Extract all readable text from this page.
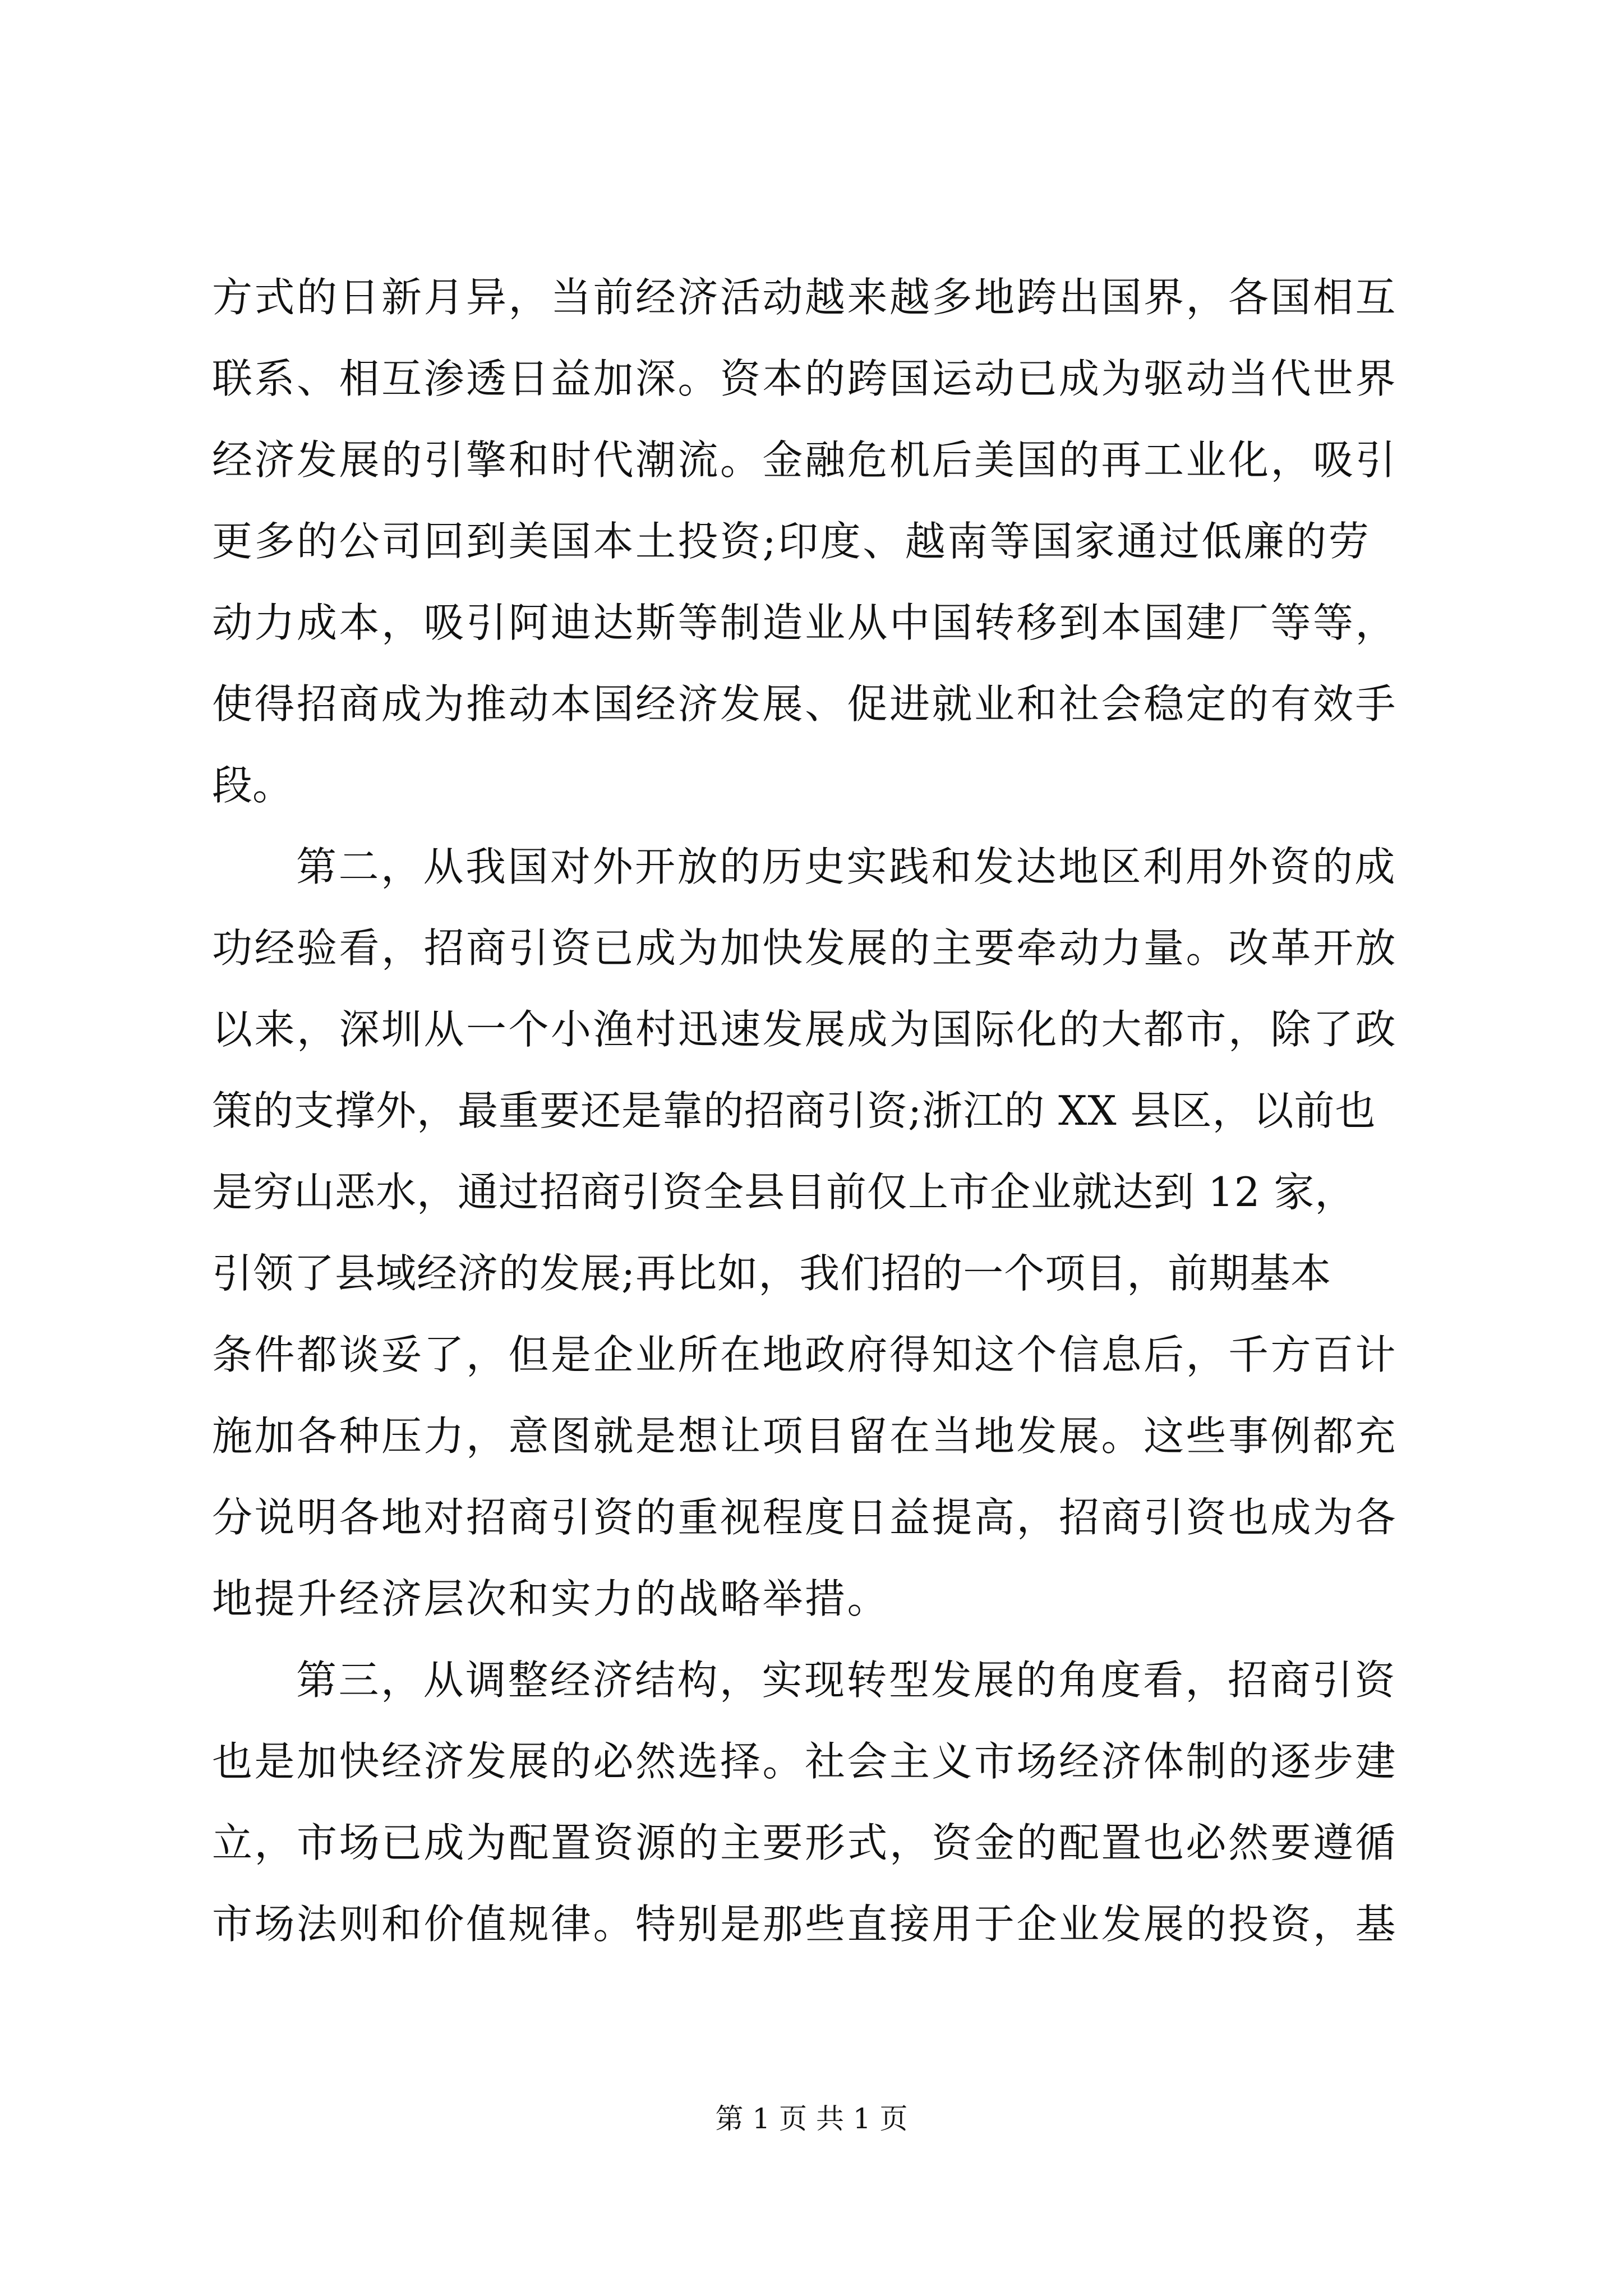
方式的日新月异，当前经济活动越来越多地跨出国界，各国相互
联系、相互渗透日益加深。资本的跨国运动已成为驱动当代世界
经济发展的引擎和时代潮流。金融危机后美国的再工业化，吸引
更多的公司回到美国本土投资;印度、越南等国家通过低廉的劳
动力成本，吸引阿迪达斯等制造业从中国转移到本国建厂等等，
使得招商成为推动本国经济发展、促进就业和社会稳定的有效手
段。
第二，从我国对外开放的历史实践和发达地区利用外资的成
功经验看，招商引资已成为加快发展的主要牵动力量。改革开放
以来，深圳从一个小渔村迅速发展成为国际化的大都市，除了政
策的支撑外，最重要还是靠的招商引资;浙江的 XX 县区，以前也
是穷山恶水，通过招商引资全县目前仅上市企业就达到 12 家，
引领了县域经济的发展;再比如，我们招的一个项目，前期基本
条件都谈妥了，但是企业所在地政府得知这个信息后，千方百计
施加各种压力，意图就是想让项目留在当地发展。这些事例都充
分说明各地对招商引资的重视程度日益提高，招商引资也成为各
地提升经济层次和实力的战略举措。
第三，从调整经济结构，实现转型发展的角度看，招商引资
也是加快经济发展的必然选择。社会主义市场经济体制的逐步建
立，市场已成为配置资源的主要形式，资金的配置也必然要遵循
市场法则和价值规律。特别是那些直接用于企业发展的投资，基
第 1 页 共 1 页
